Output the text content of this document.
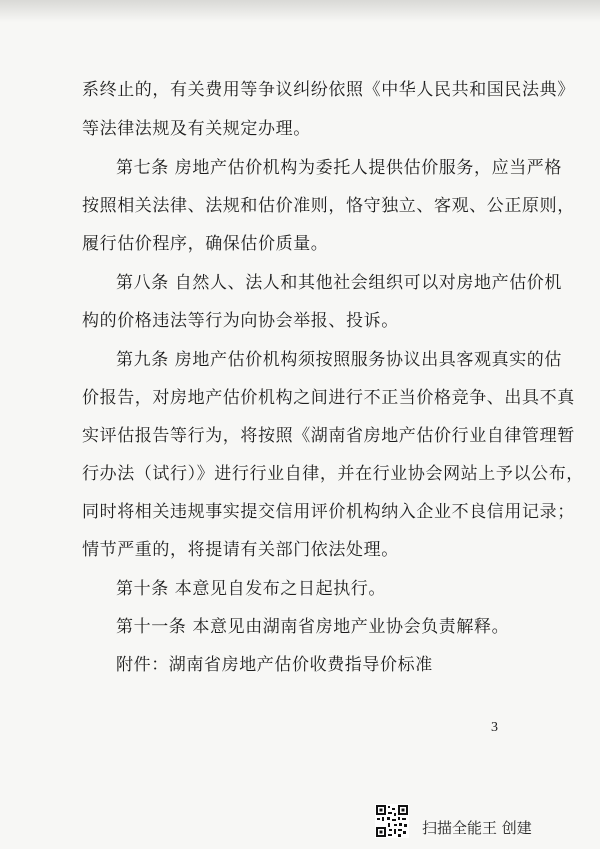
系终止的，有关费用等争议纠纷依照《中华人民共和国民法典》
等法律法规及有关规定办理。
第七条 房地产估价机构为委托人提供估价服务，应当严格
按照相关法律、法规和估价准则，恪守独立、客观、公正原则，
履行估价程序，确保估价质量。
第八条 自然人、法人和其他社会组织可以对房地产估价机
构的价格违法等行为向协会举报、投诉。
第九条 房地产估价机构须按照服务协议出具客观真实的估
价报告，对房地产估价机构之间进行不正当价格竞争、出具不真
实评估报告等行为，将按照《湖南省房地产估价行业自律管理暂
行办法（试行）》进行行业自律，并在行业协会网站上予以公布，
同时将相关违规事实提交信用评价机构纳入企业不良信用记录；
情节严重的，将提请有关部门依法处理。
第十条 本意见自发布之日起执行。
第十一条 本意见由湖南省房地产业协会负责解释。
附件：湖南省房地产估价收费指导价标准
3
扫描全能王 创建
